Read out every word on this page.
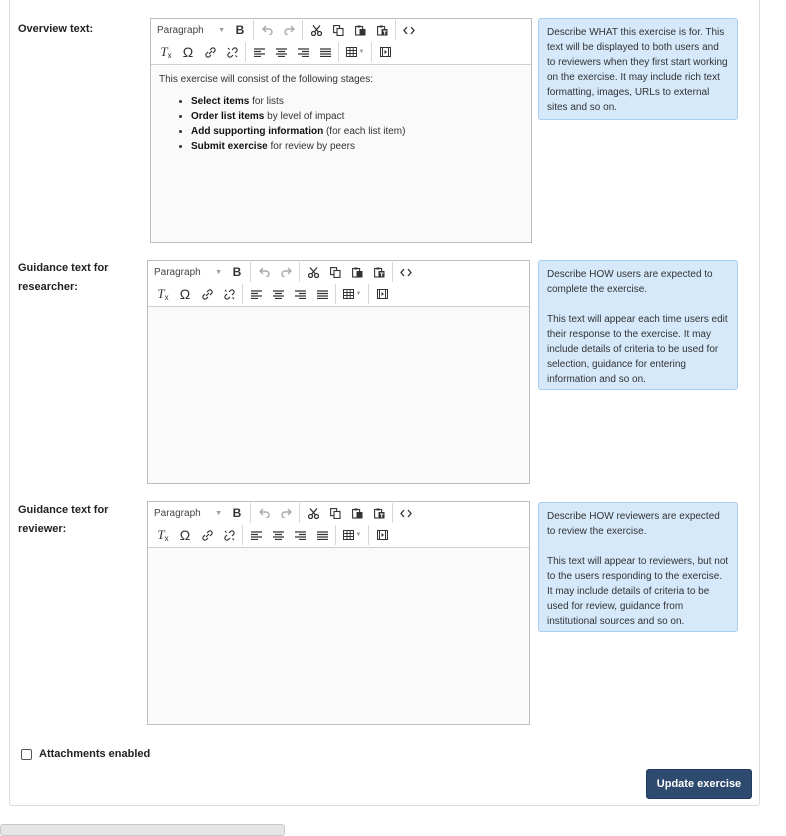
Overview text:	Paragraph ▼ B
T x Ω	▼

This exercise will consist of the following stages:

• Select items for lists
• Order list items by level of impact
• Add supporting information (for each list item)
• Submit exercise for review by peers

Describe WHAT this exercise is for. This text will be displayed to both users and to reviewers when they first start working on the exercise. It may include rich text formatting, images, URLs to external sites and so on.

Guidance text for
researcher:
Paragraph ▼ B
T x Ω	▼

Describe HOW users are expected to complete the exercise.

This text will appear each time users edit their response to the exercise. It may include details of criteria to be used for selection, guidance for entering information and so on.

Guidance text for
reviewer:
Paragraph ▼ B
T x Ω	▼

Describe HOW reviewers are expected to review the exercise.

This text will appear to reviewers, but not to the users responding to the exercise. It may include details of criteria to be used for review, guidance from institutional sources and so on.

Attachments enabled
Update exercise
